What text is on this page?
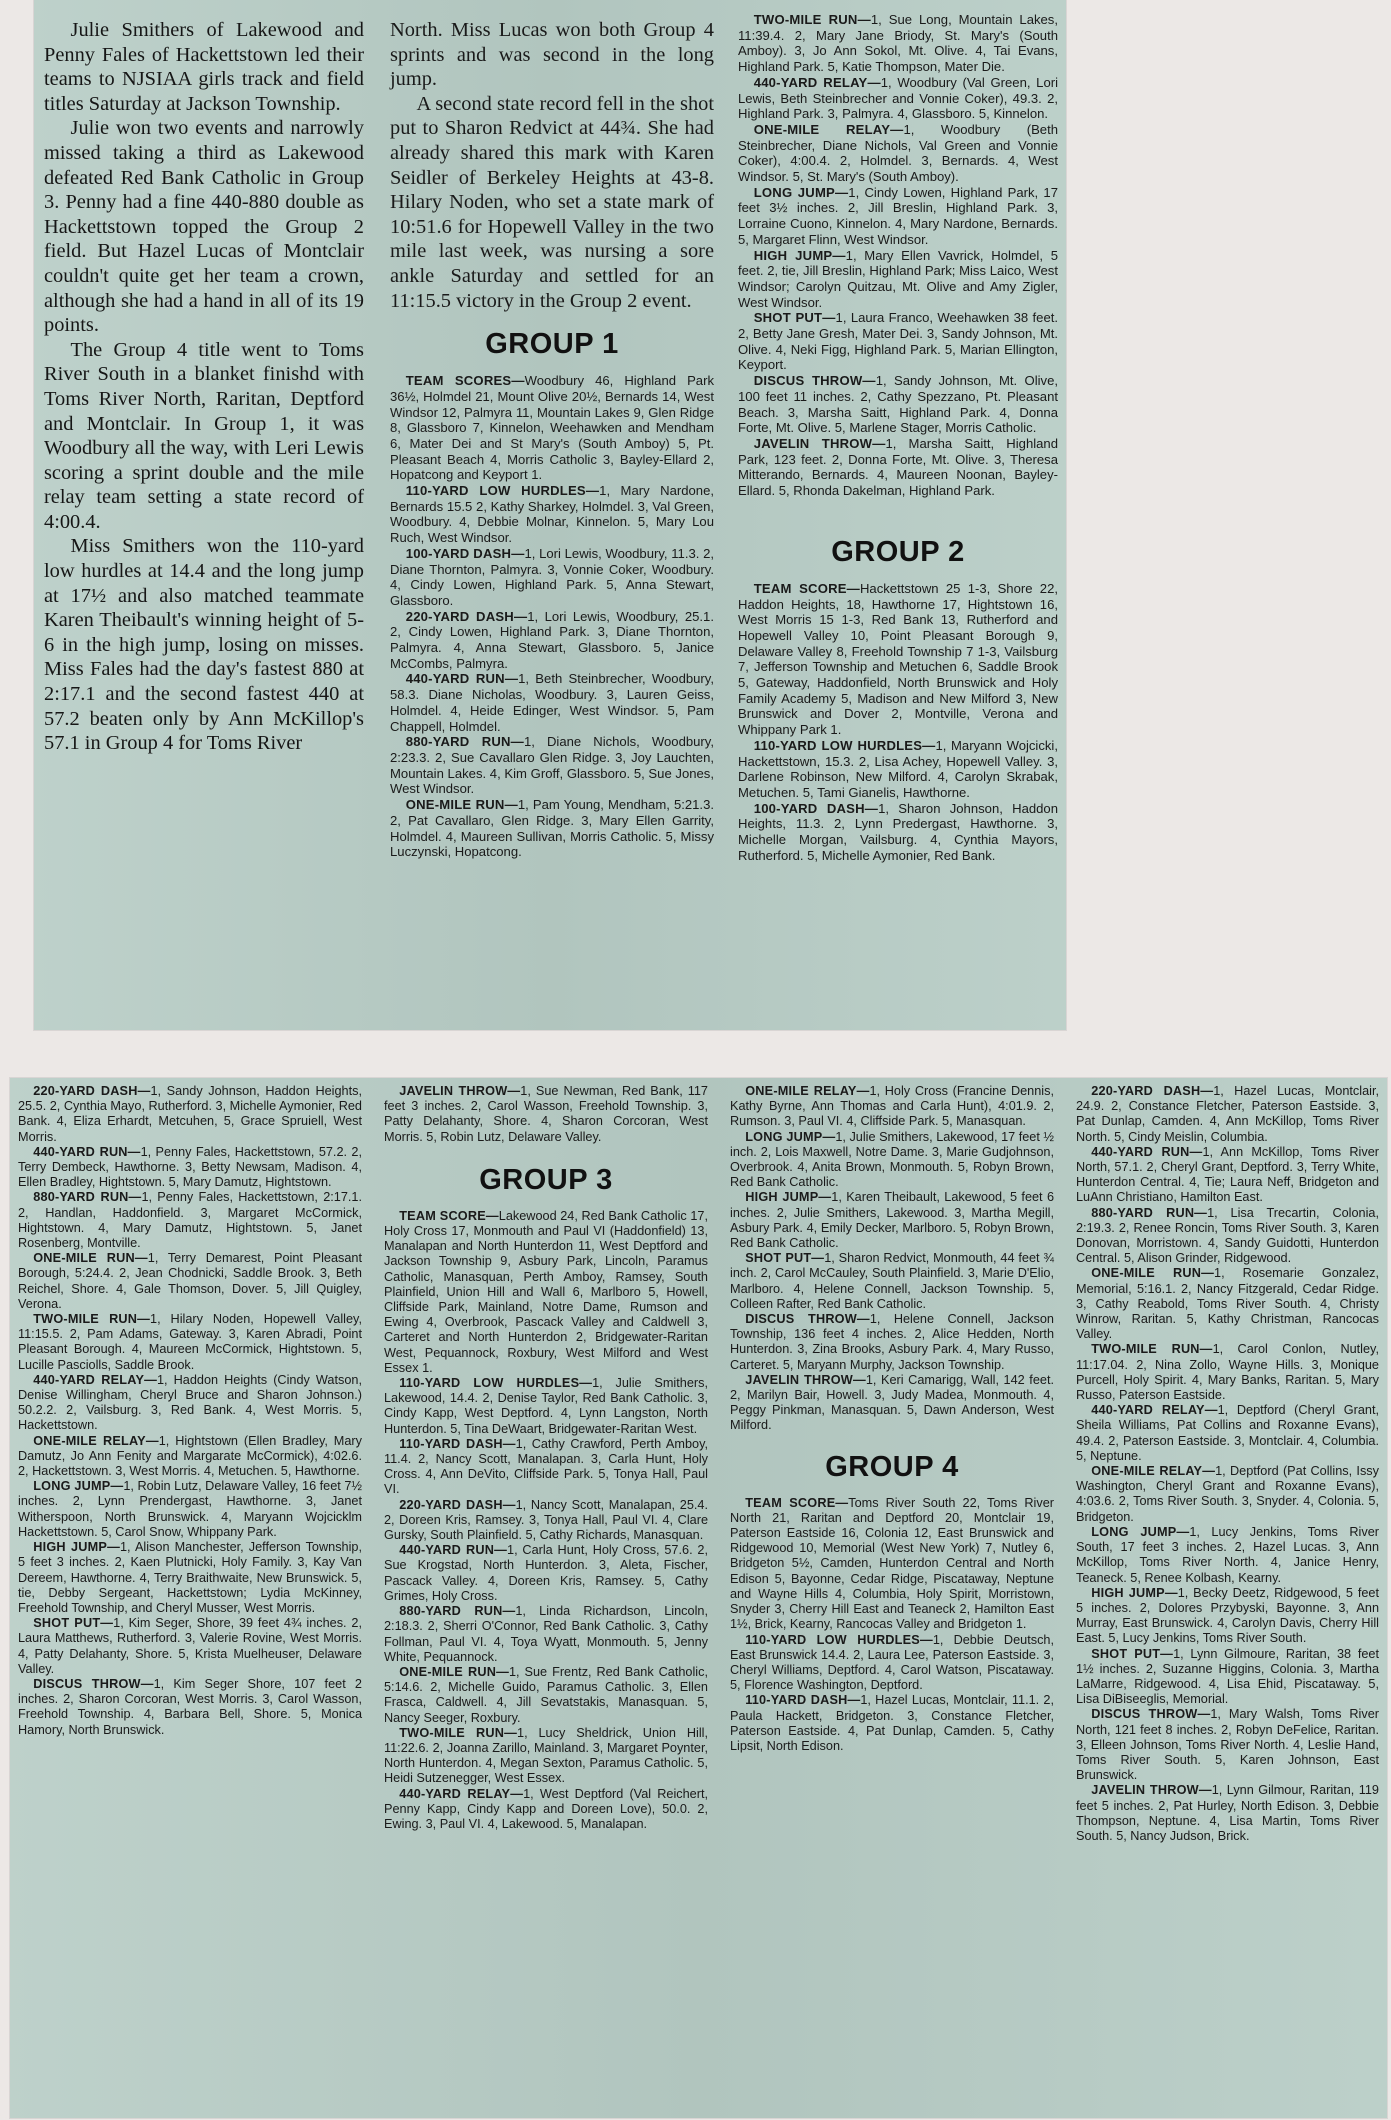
Julie Smithers of Lakewood and Penny Fales of Hackettstown led their teams to NJSIAA girls track and field titles Saturday at Jackson Township.

Julie won two events and narrowly missed taking a third as Lakewood defeated Red Bank Catholic in Group 3. Penny had a fine 440-880 double as Hackettstown topped the Group 2 field. But Hazel Lucas of Montclair couldn't quite get her team a crown, although she had a hand in all of its 19 points.

The Group 4 title went to Toms River South in a blanket finishd with Toms River North, Raritan, Deptford and Montclair. In Group 1, it was Woodbury all the way, with Leri Lewis scoring a sprint double and the mile relay team setting a state record of 4:00.4.

Miss Smithers won the 110-yard low hurdles at 14.4 and the long jump at 17½ and also matched teammate Karen Theibault's winning height of 5-6 in the high jump, losing on misses. Miss Fales had the day's fastest 880 at 2:17.1 and the second fastest 440 at 57.2 beaten only by Ann McKillop's 57.1 in Group 4 for Toms River

North. Miss Lucas won both Group 4 sprints and was second in the long jump.

A second state record fell in the shot put to Sharon Redvict at 44¾. She had already shared this mark with Karen Seidler of Berkeley Heights at 43-8. Hilary Noden, who set a state mark of 10:51.6 for Hopewell Valley in the two mile last week, was nursing a sore ankle Saturday and settled for an 11:15.5 victory in the Group 2 event.

GROUP 1

TEAM SCORES—Woodbury 46, Highland Park 36½, Holmdel 21, Mount Olive 20½, Bernards 14, West Windsor 12, Palmyra 11, Mountain Lakes 9, Glen Ridge 8, Glassboro 7, Kinnelon, Weehawken and Mendham 6, Mater Dei and St Mary's (South Amboy) 5, Pt. Pleasant Beach 4, Morris Catholic 3, Bayley-Ellard 2, Hopatcong and Keyport 1.

110-YARD LOW HURDLES—1, Mary Nardone, Bernards 15.5 2, Kathy Sharkey, Holmdel. 3, Val Green, Woodbury. 4, Debbie Molnar, Kinnelon. 5, Mary Lou Ruch, West Windsor.

100-YARD DASH—1, Lori Lewis, Woodbury, 11.3. 2, Diane Thornton, Palmyra. 3, Vonnie Coker, Woodbury. 4, Cindy Lowen, Highland Park. 5, Anna Stewart, Glassboro.

220-YARD DASH—1, Lori Lewis, Woodbury, 25.1. 2, Cindy Lowen, Highland Park. 3, Diane Thornton, Palmyra. 4, Anna Stewart, Glassboro. 5, Janice McCombs, Palmyra.

440-YARD RUN—1, Beth Steinbrecher, Woodbury, 58.3. Diane Nicholas, Woodbury. 3, Lauren Geiss, Holmdel. 4, Heide Edinger, West Windsor. 5, Pam Chappell, Holmdel.

880-YARD RUN—1, Diane Nichols, Woodbury, 2:23.3. 2, Sue Cavallaro Glen Ridge. 3, Joy Lauchten, Mountain Lakes. 4, Kim Groff, Glassboro. 5, Sue Jones, West Windsor.

ONE-MILE RUN—1, Pam Young, Mendham, 5:21.3. 2, Pat Cavallaro, Glen Ridge. 3, Mary Ellen Garrity, Holmdel. 4, Maureen Sullivan, Morris Catholic. 5, Missy Luczynski, Hopatcong.

TWO-MILE RUN—1, Sue Long, Mountain Lakes, 11:39.4. 2, Mary Jane Briody, St. Mary's (South Amboy). 3, Jo Ann Sokol, Mt. Olive. 4, Tai Evans, Highland Park. 5, Katie Thompson, Mater Die.

440-YARD RELAY—1, Woodbury (Val Green, Lori Lewis, Beth Steinbrecher and Vonnie Coker), 49.3. 2, Highland Park. 3, Palmyra. 4, Glassboro. 5, Kinnelon.

ONE-MILE RELAY—1, Woodbury (Beth Steinbrecher, Diane Nichols, Val Green and Vonnie Coker), 4:00.4. 2, Holmdel. 3, Bernards. 4, West Windsor. 5, St. Mary's (South Amboy).

LONG JUMP—1, Cindy Lowen, Highland Park, 17 feet 3½ inches. 2, Jill Breslin, Highland Park. 3, Lorraine Cuono, Kinnelon. 4, Mary Nardone, Bernards. 5, Margaret Flinn, West Windsor.

HIGH JUMP—1, Mary Ellen Vavrick, Holmdel, 5 feet. 2, tie, Jill Breslin, Highland Park; Miss Laico, West Windsor; Carolyn Quitzau, Mt. Olive and Amy Zigler, West Windsor.

SHOT PUT—1, Laura Franco, Weehawken 38 feet. 2, Betty Jane Gresh, Mater Dei. 3, Sandy Johnson, Mt. Olive. 4, Neki Figg, Highland Park. 5, Marian Ellington, Keyport.

DISCUS THROW—1, Sandy Johnson, Mt. Olive, 100 feet 11 inches. 2, Cathy Spezzano, Pt. Pleasant Beach. 3, Marsha Saitt, Highland Park. 4, Donna Forte, Mt. Olive. 5, Marlene Stager, Morris Catholic.

JAVELIN THROW—1, Marsha Saitt, Highland Park, 123 feet. 2, Donna Forte, Mt. Olive. 3, Theresa Mitterando, Bernards. 4, Maureen Noonan, Bayley-Ellard. 5, Rhonda Dakelman, Highland Park.

GROUP 2

TEAM SCORE—Hackettstown 25 1-3, Shore 22, Haddon Heights, 18, Hawthorne 17, Hightstown 16, West Morris 15 1-3, Red Bank 13, Rutherford and Hopewell Valley 10, Point Pleasant Borough 9, Delaware Valley 8, Freehold Township 7 1-3, Vailsburg 7, Jefferson Township and Metuchen 6, Saddle Brook 5, Gateway, Haddonfield, North Brunswick and Holy Family Academy 5, Madison and New Milford 3, New Brunswick and Dover 2, Montville, Verona and Whippany Park 1.

110-YARD LOW HURDLES—1, Maryann Wojcicki, Hackettstown, 15.3. 2, Lisa Achey, Hopewell Valley. 3, Darlene Robinson, New Milford. 4, Carolyn Skrabak, Metuchen. 5, Tami Gianelis, Hawthorne.

100-YARD DASH—1, Sharon Johnson, Haddon Heights, 11.3. 2, Lynn Predergast, Hawthorne. 3, Michelle Morgan, Vailsburg. 4, Cynthia Mayors, Rutherford. 5, Michelle Aymonier, Red Bank.

220-YARD DASH—1, Sandy Johnson, Haddon Heights, 25.5. 2, Cynthia Mayo, Rutherford. 3, Michelle Aymonier, Red Bank. 4, Eliza Erhardt, Metcuhen, 5, Grace Spruiell, West Morris.

440-YARD RUN—1, Penny Fales, Hackettstown, 57.2. 2, Terry Dembeck, Hawthorne. 3, Betty Newsam, Madison. 4, Ellen Bradley, Hightstown. 5, Mary Damutz, Hightstown.

880-YARD RUN—1, Penny Fales, Hackettstown, 2:17.1. 2, Handlan, Haddonfield. 3, Margaret McCormick, Hightstown. 4, Mary Damutz, Hightstown. 5, Janet Rosenberg, Montville.

ONE-MILE RUN—1, Terry Demarest, Point Pleasant Borough, 5:24.4. 2, Jean Chodnicki, Saddle Brook. 3, Beth Reichel, Shore. 4, Gale Thomson, Dover. 5, Jill Quigley, Verona.

TWO-MILE RUN—1, Hilary Noden, Hopewell Valley, 11:15.5. 2, Pam Adams, Gateway. 3, Karen Abradi, Point Pleasant Borough. 4, Maureen McCormick, Hightstown. 5, Lucille Pasciolls, Saddle Brook.

440-YARD RELAY—1, Haddon Heights (Cindy Watson, Denise Willingham, Cheryl Bruce and Sharon Johnson.) 50.2.2. 2, Vailsburg. 3, Red Bank. 4, West Morris. 5, Hackettstown.

ONE-MILE RELAY—1, Hightstown (Ellen Bradley, Mary Damutz, Jo Ann Fenity and Margarate McCormick), 4:02.6. 2, Hackettstown. 3, West Morris. 4, Metuchen. 5, Hawthorne.

LONG JUMP—1, Robin Lutz, Delaware Valley, 16 feet 7½ inches. 2, Lynn Prendergast, Hawthorne. 3, Janet Witherspoon, North Brunswick. 4, Maryann Wojcicklm Hackettstown. 5, Carol Snow, Whippany Park.

HIGH JUMP—1, Alison Manchester, Jefferson Township, 5 feet 3 inches. 2, Kaen Plutnicki, Holy Family. 3, Kay Van Dereem, Hawthorne. 4, Terry Braithwaite, New Brunswick. 5, tie, Debby Sergeant, Hackettstown; Lydia McKinney, Freehold Township, and Cheryl Musser, West Morris.

SHOT PUT—1, Kim Seger, Shore, 39 feet 4¾ inches. 2, Laura Matthews, Rutherford. 3, Valerie Rovine, West Morris. 4, Patty Delahanty, Shore. 5, Krista Muelheuser, Delaware Valley.

DISCUS THROW—1, Kim Seger Shore, 107 feet 2 inches. 2, Sharon Corcoran, West Morris. 3, Carol Wasson, Freehold Township. 4, Barbara Bell, Shore. 5, Monica Hamory, North Brunswick.

JAVELIN THROW—1, Sue Newman, Red Bank, 117 feet 3 inches. 2, Carol Wasson, Freehold Township. 3, Patty Delahanty, Shore. 4, Sharon Corcoran, West Morris. 5, Robin Lutz, Delaware Valley.

GROUP 3

TEAM SCORE—Lakewood 24, Red Bank Catholic 17, Holy Cross 17, Monmouth and Paul VI (Haddonfield) 13, Manalapan and North Hunterdon 11, West Deptford and Jackson Township 9, Asbury Park, Lincoln, Paramus Catholic, Manasquan, Perth Amboy, Ramsey, South Plainfield, Union Hill and Wall 6, Marlboro 5, Howell, Cliffside Park, Mainland, Notre Dame, Rumson and Ewing 4, Overbrook, Pascack Valley and Caldwell 3, Carteret and North Hunterdon 2, Bridgewater-Raritan West, Pequannock, Roxbury, West Milford and West Essex 1.

110-YARD LOW HURDLES—1, Julie Smithers, Lakewood, 14.4. 2, Denise Taylor, Red Bank Catholic. 3, Cindy Kapp, West Deptford. 4, Lynn Langston, North Hunterdon. 5, Tina DeWaart, Bridgewater-Raritan West.

110-YARD DASH—1, Cathy Crawford, Perth Amboy, 11.4. 2, Nancy Scott, Manalapan. 3, Carla Hunt, Holy Cross. 4, Ann DeVito, Cliffside Park. 5, Tonya Hall, Paul VI.

220-YARD DASH—1, Nancy Scott, Manalapan, 25.4. 2, Doreen Kris, Ramsey. 3, Tonya Hall, Paul VI. 4, Clare Gursky, South Plainfield. 5, Cathy Richards, Manasquan.

440-YARD RUN—1, Carla Hunt, Holy Cross, 57.6. 2, Sue Krogstad, North Hunterdon. 3, Aleta, Fischer, Pascack Valley. 4, Doreen Kris, Ramsey. 5, Cathy Grimes, Holy Cross.

880-YARD RUN—1, Linda Richardson, Lincoln, 2:18.3. 2, Sherri O'Connor, Red Bank Catholic. 3, Cathy Follman, Paul VI. 4, Toya Wyatt, Monmouth. 5, Jenny White, Pequannock.

ONE-MILE RUN—1, Sue Frentz, Red Bank Catholic, 5:14.6. 2, Michelle Guido, Paramus Catholic. 3, Ellen Frasca, Caldwell. 4, Jill Sevatstakis, Manasquan. 5, Nancy Seeger, Roxbury.

TWO-MILE RUN—1, Lucy Sheldrick, Union Hill, 11:22.6. 2, Joanna Zarillo, Mainland. 3, Margaret Poynter, North Hunterdon. 4, Megan Sexton, Paramus Catholic. 5, Heidi Sutzenegger, West Essex.

440-YARD RELAY—1, West Deptford (Val Reichert, Penny Kapp, Cindy Kapp and Doreen Love), 50.0. 2, Ewing. 3, Paul VI. 4, Lakewood. 5, Manalapan.

ONE-MILE RELAY—1, Holy Cross (Francine Dennis, Kathy Byrne, Ann Thomas and Carla Hunt), 4:01.9. 2, Rumson. 3, Paul VI. 4, Cliffside Park. 5, Manasquan.

LONG JUMP—1, Julie Smithers, Lakewood, 17 feet ½ inch. 2, Lois Maxwell, Notre Dame. 3, Marie Gudjohnson, Overbrook. 4, Anita Brown, Monmouth. 5, Robyn Brown, Red Bank Catholic.

HIGH JUMP—1, Karen Theibault, Lakewood, 5 feet 6 inches. 2, Julie Smithers, Lakewood. 3, Martha Megill, Asbury Park. 4, Emily Decker, Marlboro. 5, Robyn Brown, Red Bank Catholic.

SHOT PUT—1, Sharon Redvict, Monmouth, 44 feet ¾ inch. 2, Carol McCauley, South Plainfield. 3, Marie D'Elio, Marlboro. 4, Helene Connell, Jackson Township. 5, Colleen Rafter, Red Bank Catholic.

DISCUS THROW—1, Helene Connell, Jackson Township, 136 feet 4 inches. 2, Alice Hedden, North Hunterdon. 3, Zina Brooks, Asbury Park. 4, Mary Russo, Carteret. 5, Maryann Murphy, Jackson Township.

JAVELIN THROW—1, Keri Camarigg, Wall, 142 feet. 2, Marilyn Bair, Howell. 3, Judy Madea, Monmouth. 4, Peggy Pinkman, Manasquan. 5, Dawn Anderson, West Milford.

GROUP 4

TEAM SCORE—Toms River South 22, Toms River North 21, Raritan and Deptford 20, Montclair 19, Paterson Eastside 16, Colonia 12, East Brunswick and Ridgewood 10, Memorial (West New York) 7, Nutley 6, Bridgeton 5½, Camden, Hunterdon Central and North Edison 5, Bayonne, Cedar Ridge, Piscataway, Neptune and Wayne Hills 4, Columbia, Holy Spirit, Morristown, Snyder 3, Cherry Hill East and Teaneck 2, Hamilton East 1½, Brick, Kearny, Rancocas Valley and Bridgeton 1.

110-YARD LOW HURDLES—1, Debbie Deutsch, East Brunswick 14.4. 2, Laura Lee, Paterson Eastside. 3, Cheryl Williams, Deptford. 4, Carol Watson, Piscataway. 5, Florence Washington, Deptford.

110-YARD DASH—1, Hazel Lucas, Montclair, 11.1. 2, Paula Hackett, Bridgeton. 3, Constance Fletcher, Paterson Eastside. 4, Pat Dunlap, Camden. 5, Cathy Lipsit, North Edison.

220-YARD DASH—1, Hazel Lucas, Montclair, 24.9. 2, Constance Fletcher, Paterson Eastside. 3, Pat Dunlap, Camden. 4, Ann McKillop, Toms River North. 5, Cindy Meislin, Columbia.

440-YARD RUN—1, Ann McKillop, Toms River North, 57.1. 2, Cheryl Grant, Deptford. 3, Terry White, Hunterdon Central. 4, Tie; Laura Neff, Bridgeton and LuAnn Christiano, Hamilton East.

880-YARD RUN—1, Lisa Trecartin, Colonia, 2:19.3. 2, Renee Roncin, Toms River South. 3, Karen Donovan, Morristown. 4, Sandy Guidotti, Hunterdon Central. 5, Alison Grinder, Ridgewood.

ONE-MILE RUN—1, Rosemarie Gonzalez, Memorial, 5:16.1. 2, Nancy Fitzgerald, Cedar Ridge. 3, Cathy Reabold, Toms River South. 4, Christy Winrow, Raritan. 5, Kathy Christman, Rancocas Valley.

TWO-MILE RUN—1, Carol Conlon, Nutley, 11:17.04. 2, Nina Zollo, Wayne Hills. 3, Monique Purcell, Holy Spirit. 4, Mary Banks, Raritan. 5, Mary Russo, Paterson Eastside.

440-YARD RELAY—1, Deptford (Cheryl Grant, Sheila Williams, Pat Collins and Roxanne Evans), 49.4. 2, Paterson Eastside. 3, Montclair. 4, Columbia. 5, Neptune.

ONE-MILE RELAY—1, Deptford (Pat Collins, Issy Washington, Cheryl Grant and Roxanne Evans), 4:03.6. 2, Toms River South. 3, Snyder. 4, Colonia. 5, Bridgeton.

LONG JUMP—1, Lucy Jenkins, Toms River South, 17 feet 3 inches. 2, Hazel Lucas. 3, Ann McKillop, Toms River North. 4, Janice Henry, Teaneck. 5, Renee Kolbash, Kearny.

HIGH JUMP—1, Becky Deetz, Ridgewood, 5 feet 5 inches. 2, Dolores Przybyski, Bayonne. 3, Ann Murray, East Brunswick. 4, Carolyn Davis, Cherry Hill East. 5, Lucy Jenkins, Toms River South.

SHOT PUT—1, Lynn Gilmoure, Raritan, 38 feet 1½ inches. 2, Suzanne Higgins, Colonia. 3, Martha LaMarre, Ridgewood. 4, Lisa Ehid, Piscataway. 5, Lisa DiBiseeglis, Memorial.

DISCUS THROW—1, Mary Walsh, Toms River North, 121 feet 8 inches. 2, Robyn DeFelice, Raritan. 3, Elleen Johnson, Toms River North. 4, Leslie Hand, Toms River South. 5, Karen Johnson, East Brunswick.

JAVELIN THROW—1, Lynn Gilmour, Raritan, 119 feet 5 inches. 2, Pat Hurley, North Edison. 3, Debbie Thompson, Neptune. 4, Lisa Martin, Toms River South. 5, Nancy Judson, Brick.
